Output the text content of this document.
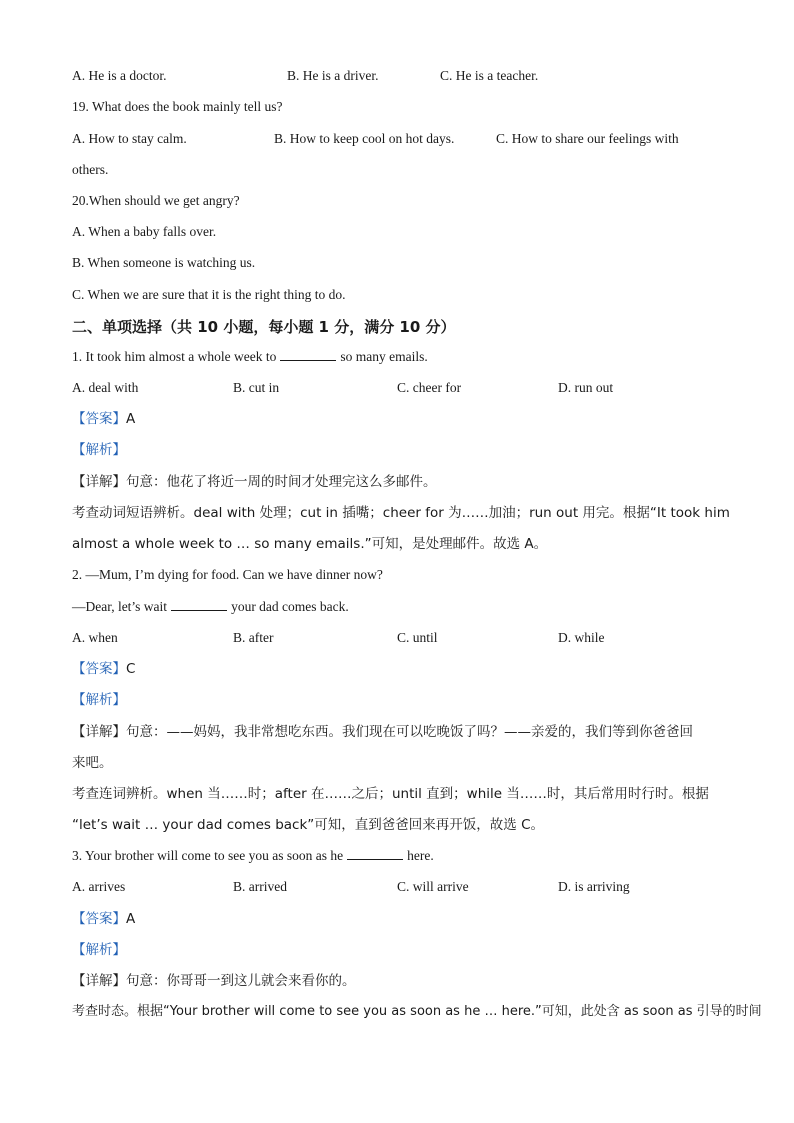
A. He is a doctor.	B. He is a driver.	C. He is a teacher.
19. What does the book mainly tell us?
A. How to stay calm.	B. How to keep cool on hot days.	C. How to share our feelings with
others.
20.When should we get angry?
A. When a baby falls over.
B. When someone is watching us.
C. When we are sure that it is the right thing to do.
二、单项选择（共 10 小题，每小题 1 分，满分 10 分）
1. It took him almost a whole week to	so many emails.
A. deal with	B. cut in	C. cheer for	D. run out
【答案】A
【解析】
【详解】句意：他花了将近一周的时间才处理完这么多邮件。
考查动词短语辨析。deal with 处理；cut in 插嘴；cheer for 为……加油；run out 用完。根据“It took him
almost a whole week to … so many emails.”可知，是处理邮件。故选 A。
2. —Mum, I’m dying for food. Can we have dinner now?
—Dear, let’s wait	your dad comes back.
A. when	B. after	C. until	D. while
【答案】C
【解析】
【详解】句意：——妈妈，我非常想吃东西。我们现在可以吃晚饭了吗？——亲爱的，我们等到你爸爸回
来吧。
考查连词辨析。when 当……时；after 在……之后；until 直到；while 当……时，其后常用时行时。根据
“let’s wait … your dad comes back”可知，直到爸爸回来再开饭，故选 C。
3. Your brother will come to see you as soon as he	here.
A. arrives	B. arrived	C. will arrive	D. is arriving
【答案】A
【解析】
【详解】句意：你哥哥一到这儿就会来看你的。
考查时态。根据“Your brother will come to see you as soon as he … here.”可知，此处含 as soon as 引导的时间
